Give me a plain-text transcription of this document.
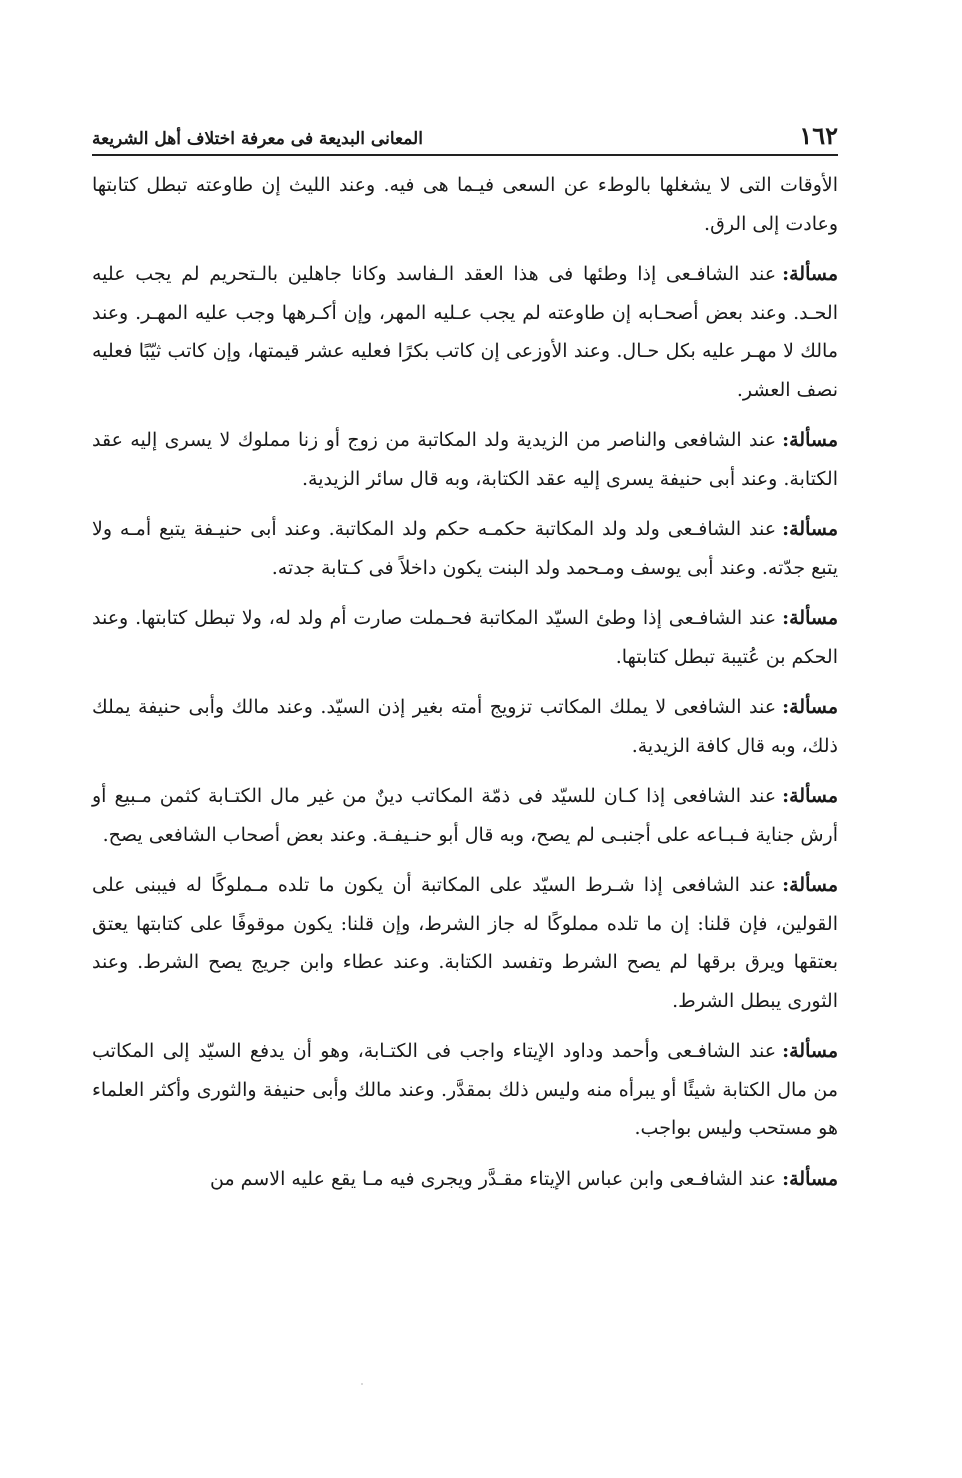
١٦٢
المعانى البديعة فى معرفة اختلاف أهل الشريعة

الأوقات التى لا يشغلها بالوطء عن السعى فيـما هى فيه. وعند الليث إن طاوعته تبطل كتابتها وعادت إلى الرق.

مسألة:عند الشافـعى إذا وطئها فى هذا العقد الـفاسد وكانا جاهلين بالـتحريم لم يجب عليه الحـد. وعند بعض أصحـابه إن طاوعته لم يجب عـليه المهر، وإن أكـرهها وجب عليه المهـر. وعند مالك لا مهـر عليه بكل حـال. وعند الأوزعى إن كاتب بكرًا فعليه عشر قيمتها، وإن كاتب ثيّبًا فعليه نصف العشر.

مسألة:عند الشافعى والناصر من الزيدية ولد المكاتبة من زوج أو زنا مملوك لا يسرى إليه عقد الكتابة. وعند أبى حنيفة يسرى إليه عقد الكتابة، وبه قال سائر الزيدية.

مسألة:عند الشافـعى ولد ولد المكاتبة حكمـه حكم ولد المكاتبة. وعند أبى حنيـفة يتبع أمـه ولا يتبع جدّته. وعند أبى يوسف ومـحمد ولد البنت يكون داخلاً فى كـتابة جدته.

مسألة:عند الشافـعى إذا وطئ السيّد المكاتبة فحـملت صارت أم ولد له، ولا تبطل كتابتها. وعند الحكم بن عُتيبة تبطل كتابتها.

مسألة:عند الشافعى لا يملك المكاتب تزويج أمته بغير إذن السيّد. وعند مالك وأبى حنيفة يملك ذلك، وبه قال كافة الزيدية.

مسألة:عند الشافعى إذا كـان للسيّد فى ذمّة المكاتب دينٌ من غير مال الكتـابة كثمن مـبيع أو أرش جناية فـبـاعه على أجنبـى لم يصح، وبه قال أبو حنـيفـة. وعند بعض أصحاب الشافعى يصح.

مسألة:عند الشافعى إذا شـرط السيّد على المكاتبة أن يكون ما تلده مـملوكًا له فيبنى على القولين، فإن قلنا: إن ما تلده مملوكًا له جاز الشرط، وإن قلنا: يكون موقوفًا على كتابتها يعتق بعتقها ويرق برقها لم يصح الشرط وتفسد الكتابة. وعند عطاء وابن جريج يصح الشرط. وعند الثورى يبطل الشرط.

مسألة:عند الشافـعى وأحمد وداود الإيتاء واجب فى الكتـابة، وهو أن يدفع السيّد إلى المكاتب من مال الكتابة شيئًا أو يبرأه منه وليس ذلك بمقدَّر. وعند مالك وأبى حنيفة والثورى وأكثر العلماء هو مستحب وليس بواجب.

مسألة:عند الشافـعى وابن عباس الإيتاء مقـدَّر ويجرى فيه مـا يقع عليه الاسم من
